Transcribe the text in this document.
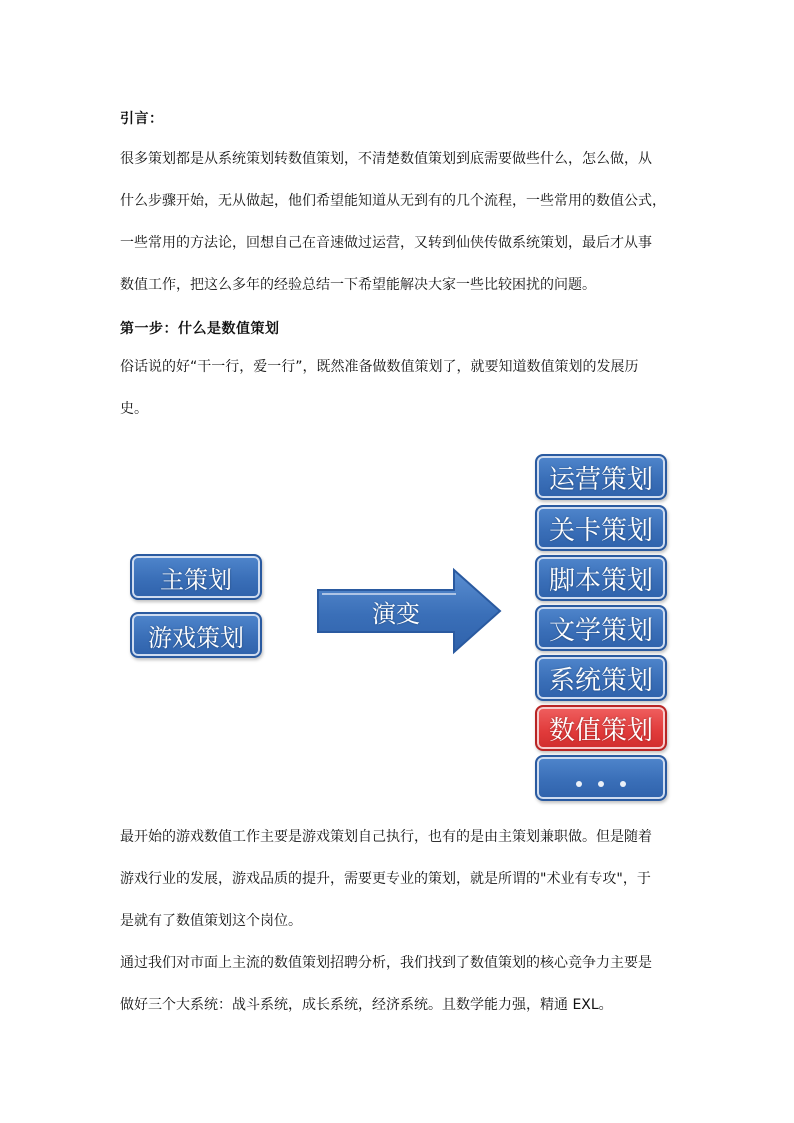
引言：

很多策划都是从系统策划转数值策划，不清楚数值策划到底需要做些什么，怎么做，从

什么步骤开始，无从做起，他们希望能知道从无到有的几个流程，一些常用的数值公式，

一些常用的方法论，回想自己在音速做过运营，又转到仙侠传做系统策划，最后才从事

数值工作，把这么多年的经验总结一下希望能解决大家一些比较困扰的问题。

第一步：什么是数值策划

俗话说的好“干一行，爱一行”，既然准备做数值策划了，就要知道数值策划的发展历

史。

主策划
游戏策划
演变
运营策划
关卡策划
脚本策划
文学策划
系统策划
数值策划

最开始的游戏数值工作主要是游戏策划自己执行，也有的是由主策划兼职做。但是随着

游戏行业的发展，游戏品质的提升，需要更专业的策划，就是所谓的"术业有专攻"，于

是就有了数值策划这个岗位。

通过我们对市面上主流的数值策划招聘分析，我们找到了数值策划的核心竞争力主要是

做好三个大系统：战斗系统，成长系统，经济系统。且数学能力强，精通 EXL。
